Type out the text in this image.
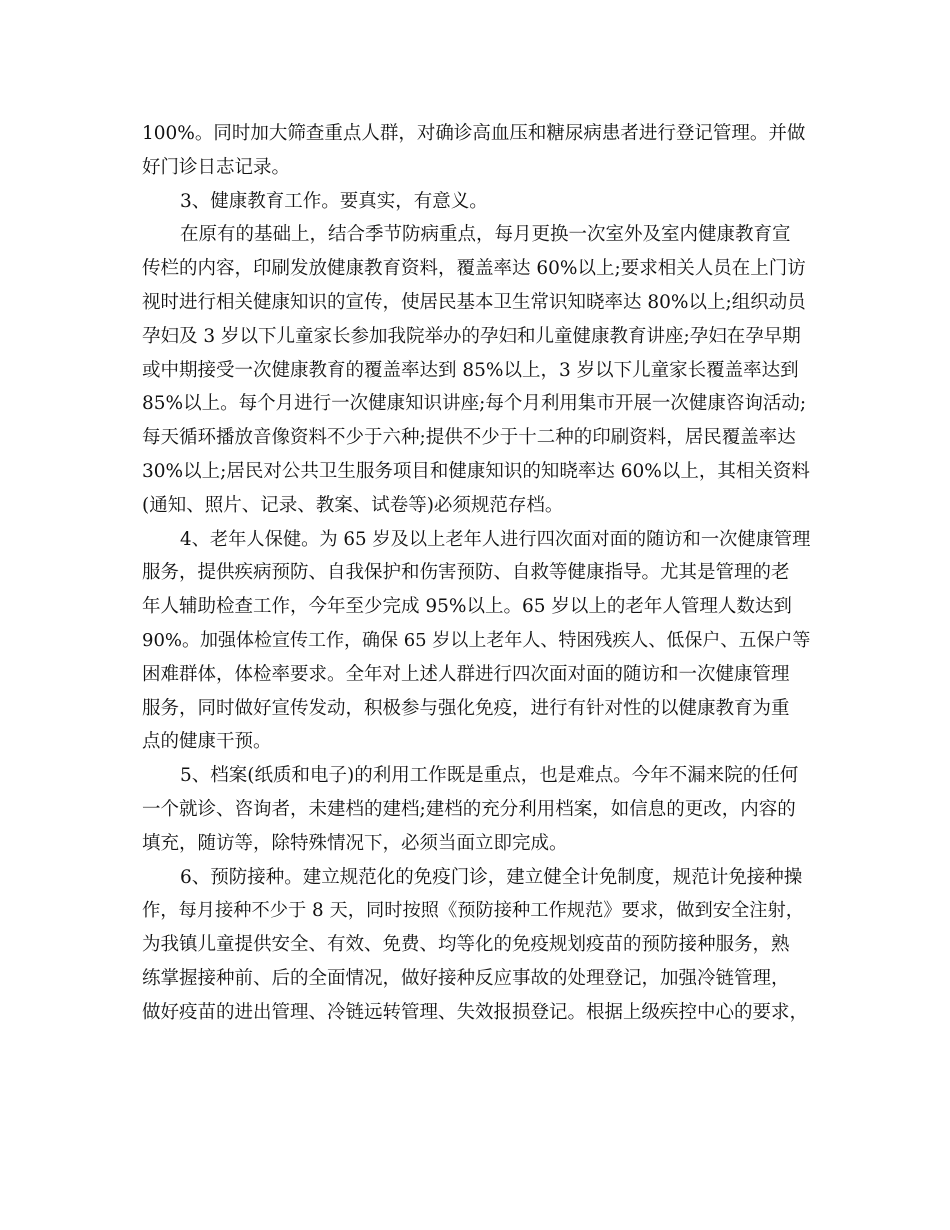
100%。同时加大筛查重点人群，对确诊高血压和糖尿病患者进行登记管理。并做
好门诊日志记录。
3、健康教育工作。要真实，有意义。
在原有的基础上，结合季节防病重点，每月更换一次室外及室内健康教育宣
传栏的内容，印刷发放健康教育资料，覆盖率达 60%以上;要求相关人员在上门访
视时进行相关健康知识的宣传，使居民基本卫生常识知晓率达 80%以上;组织动员
孕妇及 3 岁以下儿童家长参加我院举办的孕妇和儿童健康教育讲座;孕妇在孕早期
或中期接受一次健康教育的覆盖率达到 85%以上，3 岁以下儿童家长覆盖率达到
85%以上。每个月进行一次健康知识讲座;每个月利用集市开展一次健康咨询活动;
每天循环播放音像资料不少于六种;提供不少于十二种的印刷资料，居民覆盖率达
30%以上;居民对公共卫生服务项目和健康知识的知晓率达 60%以上，其相关资料
(通知、照片、记录、教案、试卷等)必须规范存档。
4、老年人保健。为 65 岁及以上老年人进行四次面对面的随访和一次健康管理
服务，提供疾病预防、自我保护和伤害预防、自救等健康指导。尤其是管理的老
年人辅助检查工作，今年至少完成 95%以上。65 岁以上的老年人管理人数达到
90%。加强体检宣传工作，确保 65 岁以上老年人、特困残疾人、低保户、五保户等
困难群体，体检率要求。全年对上述人群进行四次面对面的随访和一次健康管理
服务，同时做好宣传发动，积极参与强化免疫，进行有针对性的以健康教育为重
点的健康干预。
5、档案(纸质和电子)的利用工作既是重点，也是难点。今年不漏来院的任何
一个就诊、咨询者，未建档的建档;建档的充分利用档案，如信息的更改，内容的
填充，随访等，除特殊情况下，必须当面立即完成。
6、预防接种。建立规范化的免疫门诊，建立健全计免制度，规范计免接种操
作，每月接种不少于 8 天，同时按照《预防接种工作规范》要求，做到安全注射，
为我镇儿童提供安全、有效、免费、均等化的免疫规划疫苗的预防接种服务，熟
练掌握接种前、后的全面情况，做好接种反应事故的处理登记，加强冷链管理，
做好疫苗的进出管理、冷链远转管理、失效报损登记。根据上级疾控中心的要求，
